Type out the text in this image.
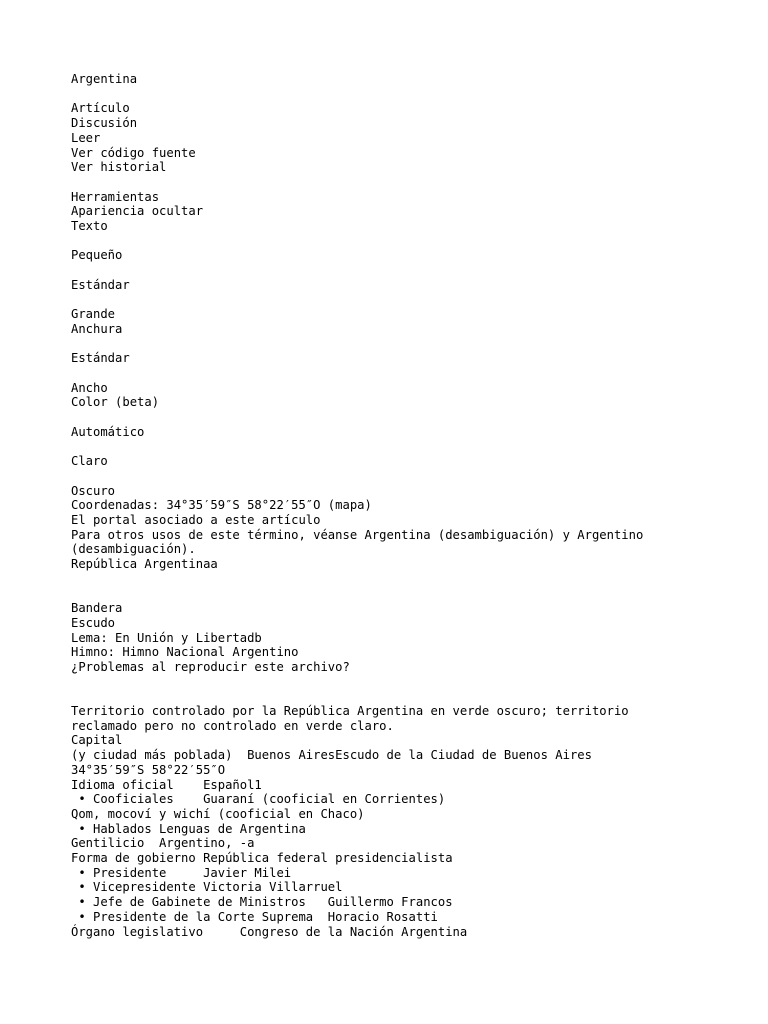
Argentina
Artículo
Discusión
Leer
Ver código fuente
Ver historial
Herramientas
Apariencia ocultar
Texto
Pequeño
Estándar
Grande
Anchura
Estándar
Ancho
Color (beta)
Automático
Claro
Oscuro
Coordenadas: 34°35′59″S 58°22′55″O (mapa)
El portal asociado a este artículo
Para otros usos de este término, véanse Argentina (desambiguación) y Argentino
(desambiguación).
República Argentinaa
Bandera
Escudo
Lema: En Unión y Libertadb
Himno: Himno Nacional Argentino
¿Problemas al reproducir este archivo?
Territorio controlado por la República Argentina en verde oscuro; territorio
reclamado pero no controlado en verde claro.
Capital
(y ciudad más poblada)  Buenos AiresEscudo de la Ciudad de Buenos Aires
34°35′59″S 58°22′55″O
Idioma oficial    Español1
• Cooficiales    Guaraní (cooficial en Corrientes)
Qom, mocoví y wichí (cooficial en Chaco)
• Hablados Lenguas de Argentina
Gentilicio  Argentino, -a
Forma de gobierno República federal presidencialista
• Presidente     Javier Milei
• Vicepresidente Victoria Villarruel
• Jefe de Gabinete de Ministros   Guillermo Francos
• Presidente de la Corte Suprema  Horacio Rosatti
Órgano legislativo     Congreso de la Nación Argentina
